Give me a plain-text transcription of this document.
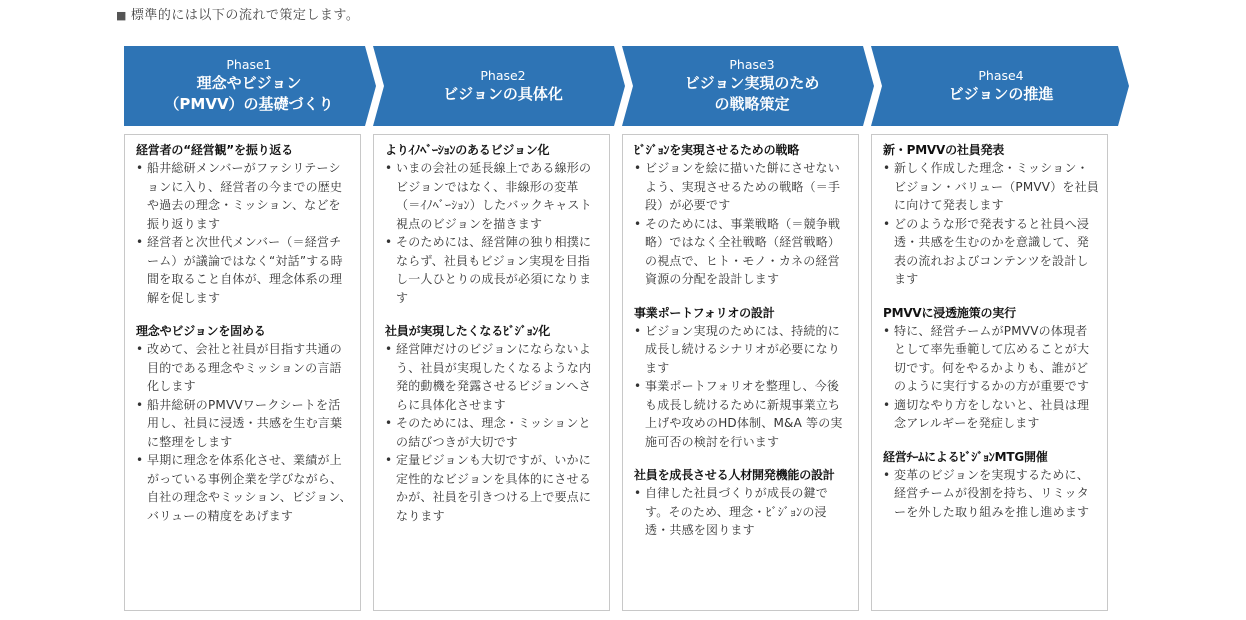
■ 標準的には以下の流れで策定します。
Phase1
理念やビジョン
（PMVV）の基礎づくり
Phase2
ビジョンの具体化
Phase3
ビジョン実現のため
の戦略策定
Phase4
ビジョンの推進
経営者の“経営観”を振り返る
• 船井総研メンバーがファシリテーションに入り、経営者の今までの歴史や過去の理念・ミッション、などを振り返ります
• 経営者と次世代メンバー（＝経営チーム）が議論ではなく“対話”する時間を取ること自体が、理念体系の理解を促します
理念やビジョンを固める
• 改めて、会社と社員が目指す共通の目的である理念やミッションの言語化します
• 船井総研のPMVVワークシートを活用し、社員に浸透・共感を生む言葉に整理をします
• 早期に理念を体系化させ、業績が上がっている事例企業を学びながら、自社の理念やミッション、ビジョン、バリューの精度をあげます
よりｲﾉﾍﾞｰｼｮﾝのあるビジョン化
• いまの会社の延長線上である線形のビジョンではなく、非線形の変革（＝ｲﾉﾍﾞｰｼｮﾝ）したバックキャスト視点のビジョンを描きます
• そのためには、経営陣の独り相撲にならず、社員もビジョン実現を目指し一人ひとりの成長が必須になります
社員が実現したくなるﾋﾞｼﾞｮﾝ化
• 経営陣だけのビジョンにならないよう、社員が実現したくなるような内発的動機を発露させるビジョンへさらに具体化させます
• そのためには、理念・ミッションとの結びつきが大切です
• 定量ビジョンも大切ですが、いかに定性的なビジョンを具体的にさせるかが、社員を引きつける上で要点になります
ﾋﾞｼﾞｮﾝを実現させるための戦略
• ビジョンを絵に描いた餅にさせないよう、実現させるための戦略（＝手段）が必要です
• そのためには、事業戦略（＝競争戦略）ではなく全社戦略（経営戦略）の視点で、ヒト・モノ・カネの経営資源の分配を設計します
事業ポートフォリオの設計
• ビジョン実現のためには、持続的に成長し続けるシナリオが必要になります
• 事業ポートフォリオを整理し、今後も成長し続けるために新規事業立ち上げや攻めのHD体制、M&A 等の実施可否の検討を行います
社員を成長させる人材開発機能の設計
• 自律した社員づくりが成長の鍵です。そのため、理念・ﾋﾞｼﾞｮﾝの浸透・共感を図ります
新・PMVVの社員発表
• 新しく作成した理念・ミッション・ビジョン・バリュー（PMVV）を社員に向けて発表します
• どのような形で発表すると社員へ浸透・共感を生むのかを意識して、発表の流れおよびコンテンツを設計します
PMVVに浸透施策の実行
• 特に、経営チームがPMVVの体現者として率先垂範して広めることが大切です。何をやるかよりも、誰がどのように実行するかの方が重要です
• 適切なやり方をしないと、社員は理念アレルギーを発症します
経営ﾁｰﾑによるﾋﾞｼﾞｮﾝMTG開催
• 変革のビジョンを実現するために、経営チームが役割を持ち、リミッターを外した取り組みを推し進めます
